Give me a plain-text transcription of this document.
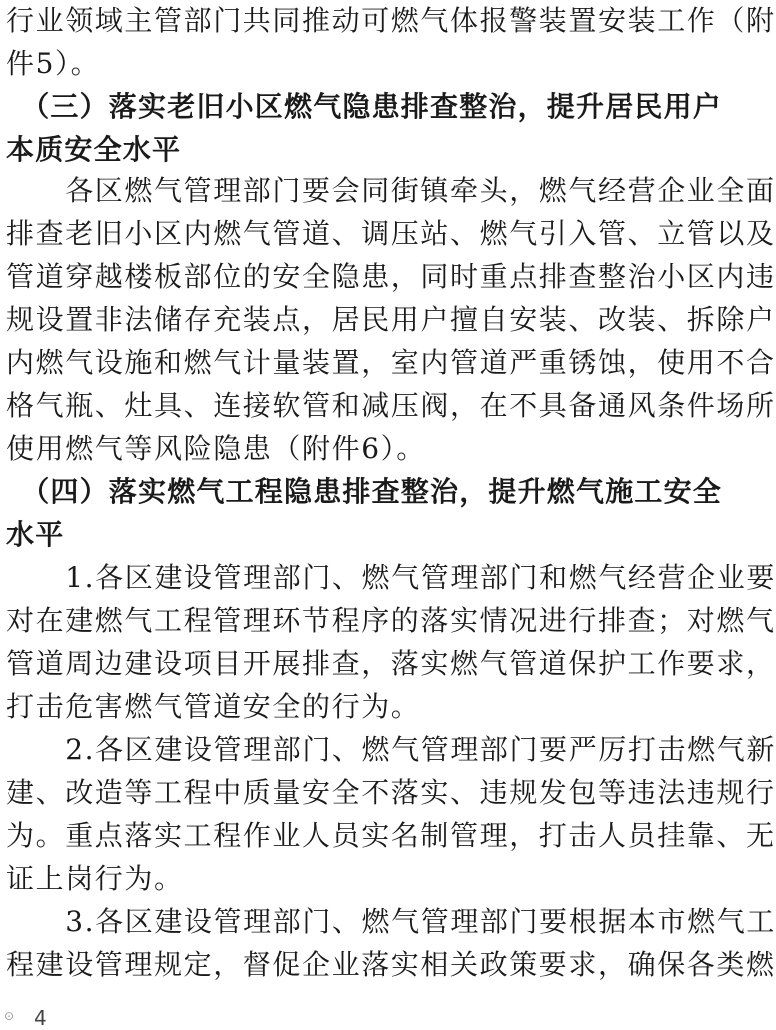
行业领域主管部门共同推动可燃气体报警装置安装工作（附
件5）。
　（三）落实老旧小区燃气隐患排查整治，提升居民用户
本质安全水平
　　各区燃气管理部门要会同街镇牵头，燃气经营企业全面
排查老旧小区内燃气管道、调压站、燃气引入管、立管以及
管道穿越楼板部位的安全隐患，同时重点排查整治小区内违
规设置非法储存充装点，居民用户擅自安装、改装、拆除户
内燃气设施和燃气计量装置，室内管道严重锈蚀，使用不合
格气瓶、灶具、连接软管和减压阀，在不具备通风条件场所
使用燃气等风险隐患（附件6）。
　（四）落实燃气工程隐患排查整治，提升燃气施工安全
水平
　　1.各区建设管理部门、燃气管理部门和燃气经营企业要
对在建燃气工程管理环节程序的落实情况进行排查；对燃气
管道周边建设项目开展排查，落实燃气管道保护工作要求，
打击危害燃气管道安全的行为。
　　2.各区建设管理部门、燃气管理部门要严厉打击燃气新
建、改造等工程中质量安全不落实、违规发包等违法违规行
为。重点落实工程作业人员实名制管理，打击人员挂靠、无
证上岗行为。
　　3.各区建设管理部门、燃气管理部门要根据本市燃气工
程建设管理规定，督促企业落实相关政策要求，确保各类燃
⊙ 4
